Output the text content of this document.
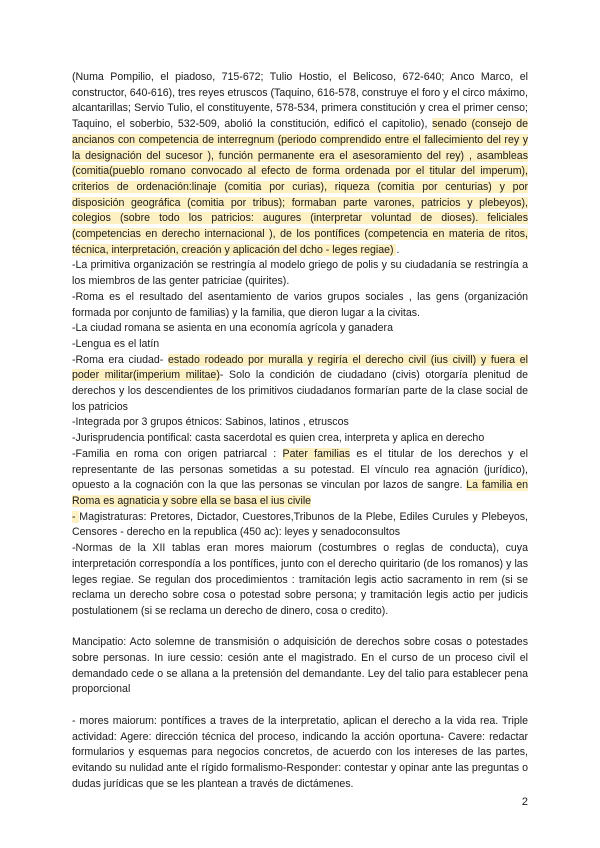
(Numa Pompilio, el piadoso, 715-672; Tulio Hostio, el Belicoso, 672-640; Anco Marco, el constructor, 640-616), tres reyes etruscos (Taquino, 616-578, construye el foro y el circo máximo, alcantarillas; Servio Tulio, el constituyente, 578-534, primera constitución y crea el primer censo; Taquino, el soberbio, 532-509, abolió la constitución, edificó el capitolio), senado (consejo de ancianos con competencia de interregnum (periodo comprendido entre el fallecimiento del rey y la designación del sucesor ), función permanente era el asesoramiento del rey) , asambleas (comitia(pueblo romano convocado al efecto de forma ordenada por el titular del imperum), criterios de ordenación:linaje (comitia por curias), riqueza (comitia por centurias) y por disposición geográfica (comitia por tribus); formaban parte varones, patricios y plebeyos), colegios (sobre todo los patricios: augures (interpretar voluntad de dioses). feliciales (competencias en derecho internacional ), de los pontífices (competencia en materia de ritos, técnica, interpretación, creación y aplicación del dcho - leges regiae) .

-La primitiva organización se restringía al modelo griego de polis y su ciudadanía se restringía a los miembros de las genter patriciae (quirites).

-Roma es el resultado del asentamiento de varios grupos sociales , las gens (organización formada por conjunto de familias) y la familia, que dieron lugar a la civitas.

-La ciudad romana se asienta en una economía agrícola y ganadera

-Lengua es el latín

-Roma era ciudad- estado rodeado por muralla y regiría el derecho civil (ius civill) y fuera el poder militar(imperium militae)- Solo la condición de ciudadano (civis) otorgaría plenitud de derechos y los descendientes de los primitivos ciudadanos formarían parte de la clase social de los patricios

-Integrada por 3 grupos étnicos: Sabinos, latinos , etruscos

-Jurisprudencia pontifical: casta sacerdotal es quien crea, interpreta y aplica en derecho

-Familia en roma con origen patriarcal : Pater familias es el titular de los derechos y el representante de las personas sometidas a su potestad. El vínculo rea agnación (jurídico), opuesto a la cognación con la que las personas se vinculan por lazos de sangre. La familia en Roma es agnaticia y sobre ella se basa el ius civile

- Magistraturas: Pretores, Dictador, Cuestores,Tribunos de la Plebe, Ediles Curules y Plebeyos, Censores - derecho en la republica (450 ac): leyes y senadoconsultos

-Normas de la XII tablas eran mores maiorum (costumbres o reglas de conducta), cuya interpretación correspondía a los pontífices, junto con el derecho quiritario (de los romanos) y las leges regiae. Se regulan dos procedimientos : tramitación legis actio sacramento in rem (si se reclama un derecho sobre cosa o potestad sobre persona; y tramitación legis actio per judicis postulationem (si se reclama un derecho de dinero, cosa o credito).

Mancipatio: Acto solemne de transmisión o adquisición de derechos sobre cosas o potestades sobre personas. In iure cessio: cesión ante el magistrado. En el curso de un proceso civil el demandado cede o se allana a la pretensión del demandante. Ley del talio para establecer pena proporcional

- mores maiorum: pontífices a traves de la interpretatio, aplican el derecho a la vida rea. Triple actividad: Agere: dirección técnica del proceso, indicando la acción oportuna- Cavere: redactar formularios y esquemas para negocios concretos, de acuerdo con los intereses de las partes, evitando su nulidad ante el rígido formalismo-Responder: contestar y opinar ante las preguntas o dudas jurídicas que se les plantean a través de dictámenes.

2
